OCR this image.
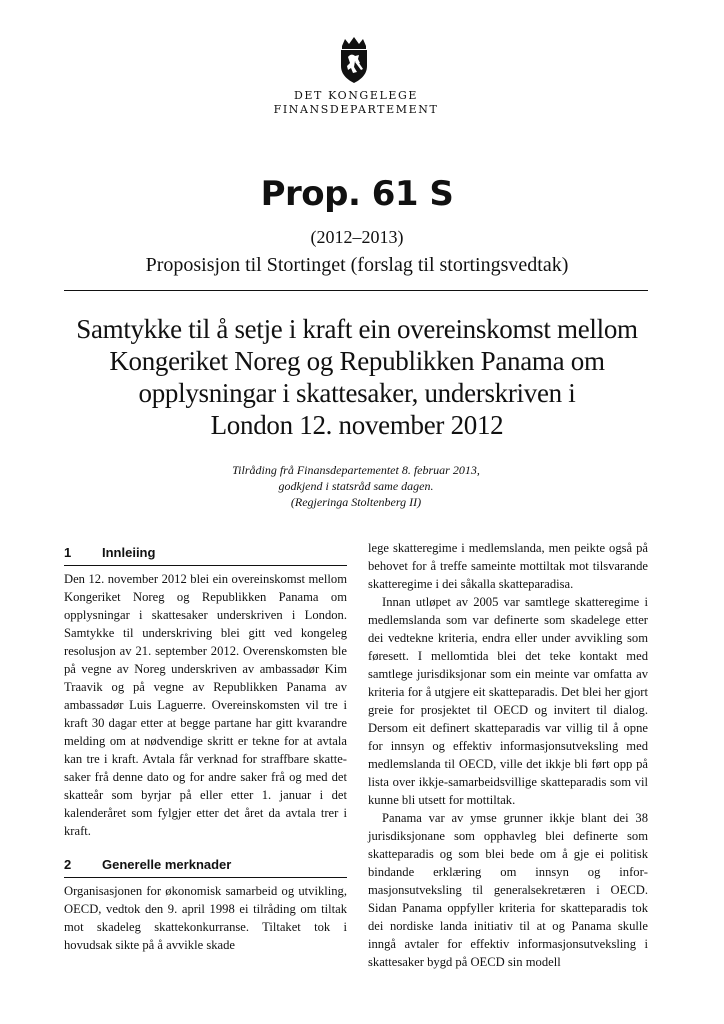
DET KONGELEGE
FINANSDEPARTEMENT
Prop. 61 S
(2012–2013)
Proposisjon til Stortinget (forslag til stortingsvedtak)
Samtykke til å setje i kraft ein overeinskomst mellom
Kongeriket Noreg og Republikken Panama om
opplysningar i skattesaker, underskriven i
London 12. november 2012
Tilråding frå Finansdepartementet 8. februar 2013,
godkjend i statsråd same dagen.
(Regjeringa Stoltenberg II)
1 Innleiing

Den 12. november 2012 blei ein overeinskomst mellom Kongeriket Noreg og Republikken Panama om opplysningar i skattesaker underskriven i London. Samtykke til underskriving blei gitt ved kongeleg resolusjon av 21. september 2012. Overenskomsten ble på vegne av Noreg underskriven av ambassadør Kim Traavik og på vegne av Republikken Panama av ambassadør Luis Laguerre. Overeinskomsten vil tre i kraft 30 dagar etter at begge partane har gitt kvarandre melding om at nødvendige skritt er tekne for at avtala kan tre i kraft. Avtala får verknad for straffbare skattesaker frå denne dato og for andre saker frå og med det skatteår som byrjar på eller etter 1. januar i det kalenderåret som fylgjer etter det året da avtala trer i kraft.

2 Generelle merknader

Organisasjonen for økonomisk samarbeid og utvikling, OECD, vedtok den 9. april 1998 ei tilråding om tiltak mot skadeleg skattekonkurranse. Tiltaket tok i hovudsak sikte på å avvikle skade

lege skatteregime i medlemslanda, men peikte også på behovet for å treffe sameinte mottiltak mot tilsvarande skatteregime i dei såkalla skatteparadisa.

Innan utløpet av 2005 var samtlege skatteregime i medlemslanda som var definerte som skadelege etter dei vedtekne kriteria, endra eller under avvikling som føresett. I mellomtida blei det teke kontakt med samtlege jurisdiksjonar som ein meinte var omfatta av kriteria for å utgjere eit skatteparadis. Det blei her gjort greie for prosjektet til OECD og invitert til dialog. Dersom eit definert skatteparadis var villig til å opne for innsyn og effektiv informasjonsutveksling med medlemslanda til OECD, ville det ikkje bli ført opp på lista over ikkje-samarbeidsvillige skatteparadis som vil kunne bli utsett for mottiltak.

Panama var av ymse grunner ikkje blant dei 38 jurisdiksjonane som opphavleg blei definerte som skatteparadis og som blei bede om å gje ei politisk bindande erklæring om innsyn og informasjonsutveksling til generalsekretæren i OECD. Sidan Panama oppfyller kriteria for skatteparadis tok dei nordiske landa initiativ til at og Panama skulle inngå avtaler for effektiv informasjonsutveksling i skattesaker bygd på OECD sin modell
